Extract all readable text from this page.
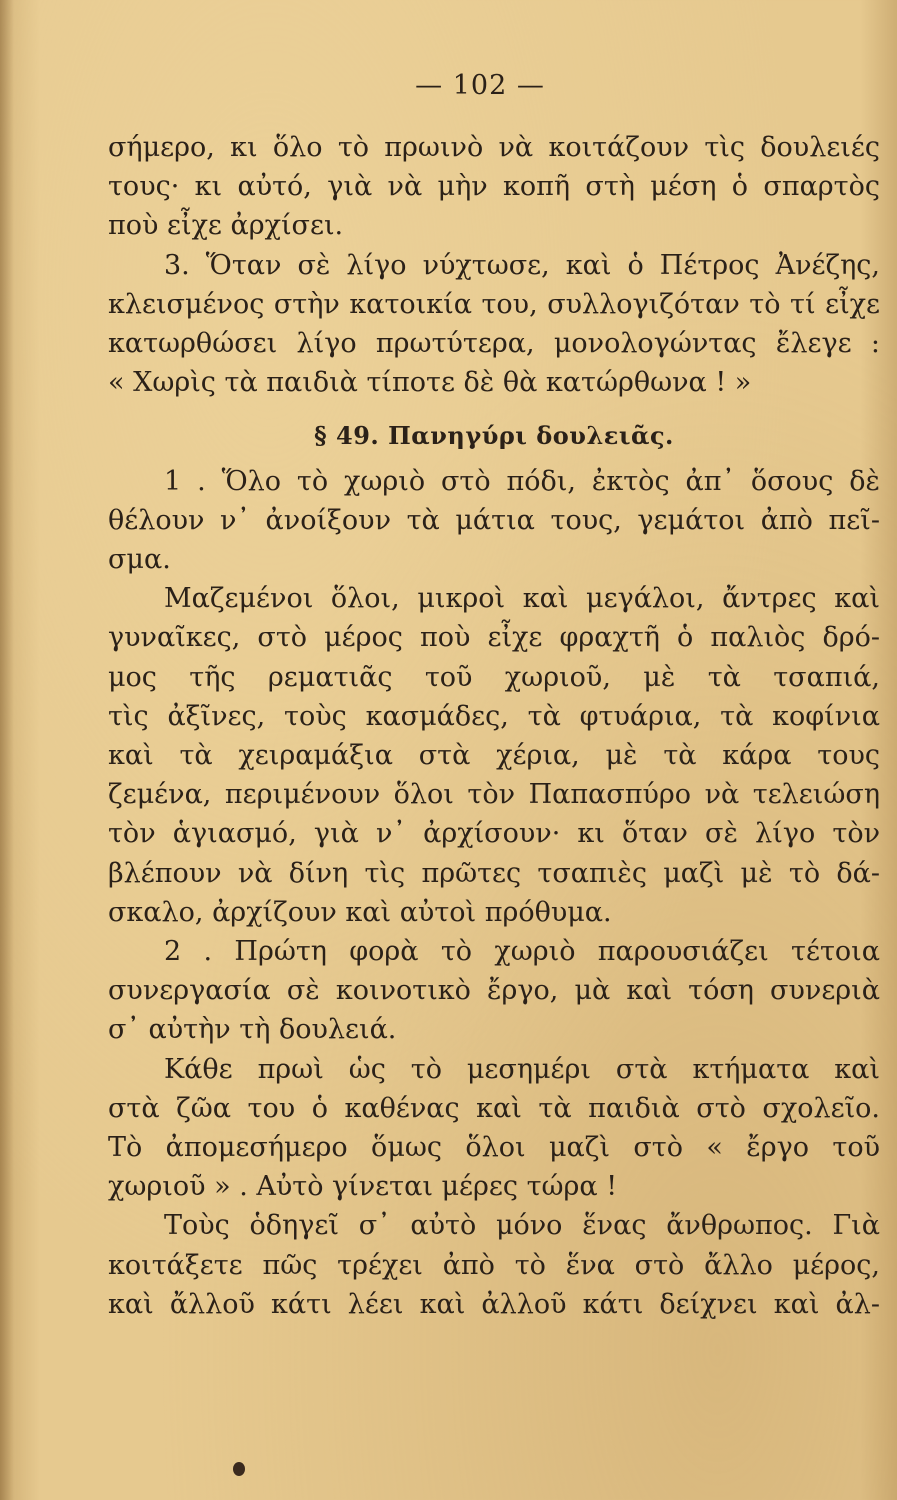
— 102 —
σήμερο, κι ὅλο τὸ πρωινὸ νὰ κοιτάζουν τὶς δουλειές
τους· κι αὐτό, γιὰ νὰ μὴν κοπῆ στὴ μέση ὁ σπαρτὸς
ποὺ εἶχε ἀρχίσει.
3. Ὅταν σὲ λίγο νύχτωσε, καὶ ὁ Πέτρος Ἀνέζης,
κλεισμένος στὴν κατοικία του, συλλογιζόταν τὸ τί εἶχε
κατωρθώσει λίγο πρωτύτερα, μονολογώντας ἔλεγε :
« Χωρὶς τὰ παιδιὰ τίποτε δὲ θὰ κατώρθωνα ! »
§ 49. Πανηγύρι δουλειᾶς.
1 . Ὅλο τὸ χωριὸ στὸ πόδι, ἐκτὸς ἀπ᾽ ὅσους δὲ
θέλουν ν᾽ ἀνοίξουν τὰ μάτια τους, γεμάτοι ἀπὸ πεῖ-
σμα.
Μαζεμένοι ὅλοι, μικροὶ καὶ μεγάλοι, ἄντρες καὶ
γυναῖκες, στὸ μέρος ποὺ εἶχε φραχτῆ ὁ παλιὸς δρό-
μος τῆς ρεματιᾶς τοῦ χωριοῦ, μὲ τὰ τσαπιά,
τὶς ἀξῖνες, τοὺς κασμάδες, τὰ φτυάρια, τὰ κοφίνια
καὶ τὰ χειραμάξια στὰ χέρια, μὲ τὰ κάρα τους
ζεμένα, περιμένουν ὅλοι τὸν Παπασπύρο νὰ τελειώση
τὸν ἁγιασμό, γιὰ ν᾽ ἀρχίσουν· κι ὅταν σὲ λίγο τὸν
βλέπουν νὰ δίνη τὶς πρῶτες τσαπιὲς μαζὶ μὲ τὸ δά-
σκαλο, ἀρχίζουν καὶ αὐτοὶ πρόθυμα.
2 . Πρώτη φορὰ τὸ χωριὸ παρουσιάζει τέτοια
συνεργασία σὲ κοινοτικὸ ἔργο, μὰ καὶ τόση συνεριὰ
σ᾽ αὐτὴν τὴ δουλειά.
Κάθε πρωὶ ὡς τὸ μεσημέρι στὰ κτήματα καὶ
στὰ ζῶα του ὁ καθένας καὶ τὰ παιδιὰ στὸ σχολεῖο.
Τὸ ἀπομεσήμερο ὅμως ὅλοι μαζὶ στὸ « ἔργο τοῦ
χωριοῦ » . Αὐτὸ γίνεται μέρες τώρα !
Τοὺς ὁδηγεῖ σ᾽ αὐτὸ μόνο ἕνας ἄνθρωπος. Γιὰ
κοιτάξετε πῶς τρέχει ἀπὸ τὸ ἕνα στὸ ἄλλο μέρος,
καὶ ἄλλοῦ κάτι λέει καὶ ἀλλοῦ κάτι δείχνει καὶ ἀλ-
